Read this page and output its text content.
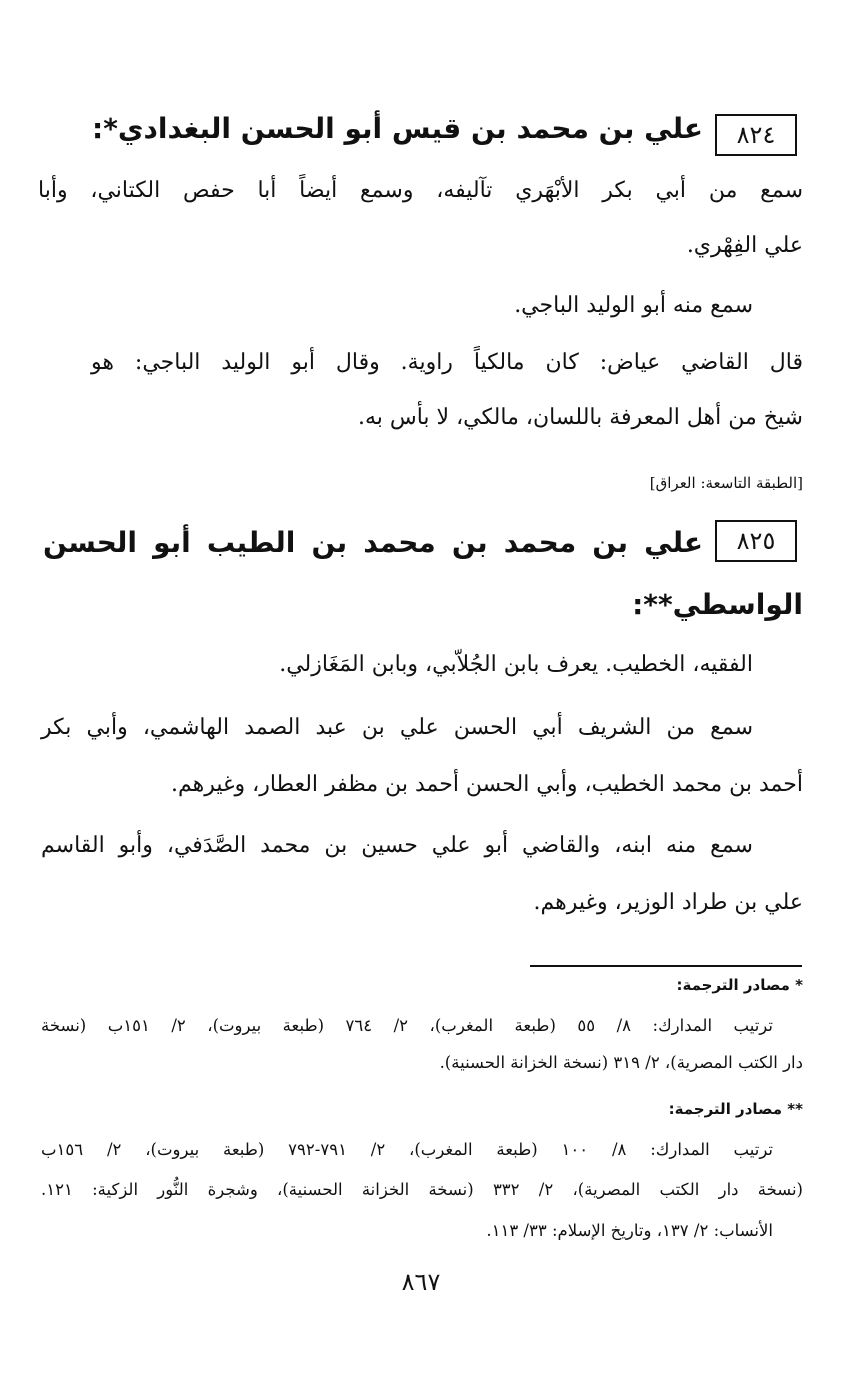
٨٢٤
علي بن محمد بن قيس أبو الحسن البغدادي*:
سمع من أبي بكر الأبْهَري تآليفه، وسمع أيضاً أبا حفص الكتاني، وأبا
علي الفِهْري.
سمع منه أبو الوليد الباجي.
قال القاضي عياض: كان مالكياً راوية. وقال أبو الوليد الباجي: هو
شيخ من أهل المعرفة باللسان، مالكي، لا بأس به.
[الطبقة التاسعة: العراق]
٨٢٥
علي بن محمد بن محمد بن الطيب أبو الحسن
الواسطي**:
الفقيه، الخطيب. يعرف بابن الجُلاّبي، وبابن المَغَازلي.
سمع من الشريف أبي الحسن علي بن عبد الصمد الهاشمي، وأبي بكر
أحمد بن محمد الخطيب، وأبي الحسن أحمد بن مظفر العطار، وغيرهم.
سمع منه ابنه، والقاضي أبو علي حسين بن محمد الصَّدَفي، وأبو القاسم
علي بن طراد الوزير، وغيرهم.
* مصادر الترجمة:
ترتيب المدارك: ٨/ ٥٥ (طبعة المغرب)، ٢/ ٧٦٤ (طبعة بيروت)، ٢/ ١٥١ب (نسخة
دار الكتب المصرية)، ٢/ ٣١٩ (نسخة الخزانة الحسنية).
** مصادر الترجمة:
ترتيب المدارك: ٨/ ١٠٠ (طبعة المغرب)، ٢/ ٧٩١-٧٩٢ (طبعة بيروت)، ٢/ ١٥٦ب
(نسخة دار الكتب المصرية)، ٢/ ٣٣٢ (نسخة الخزانة الحسنية)، وشجرة النُّور الزكية: ١٢١.
الأنساب: ٢/ ١٣٧، وتاريخ الإسلام: ٣٣/ ١١٣.
٨٦٧
